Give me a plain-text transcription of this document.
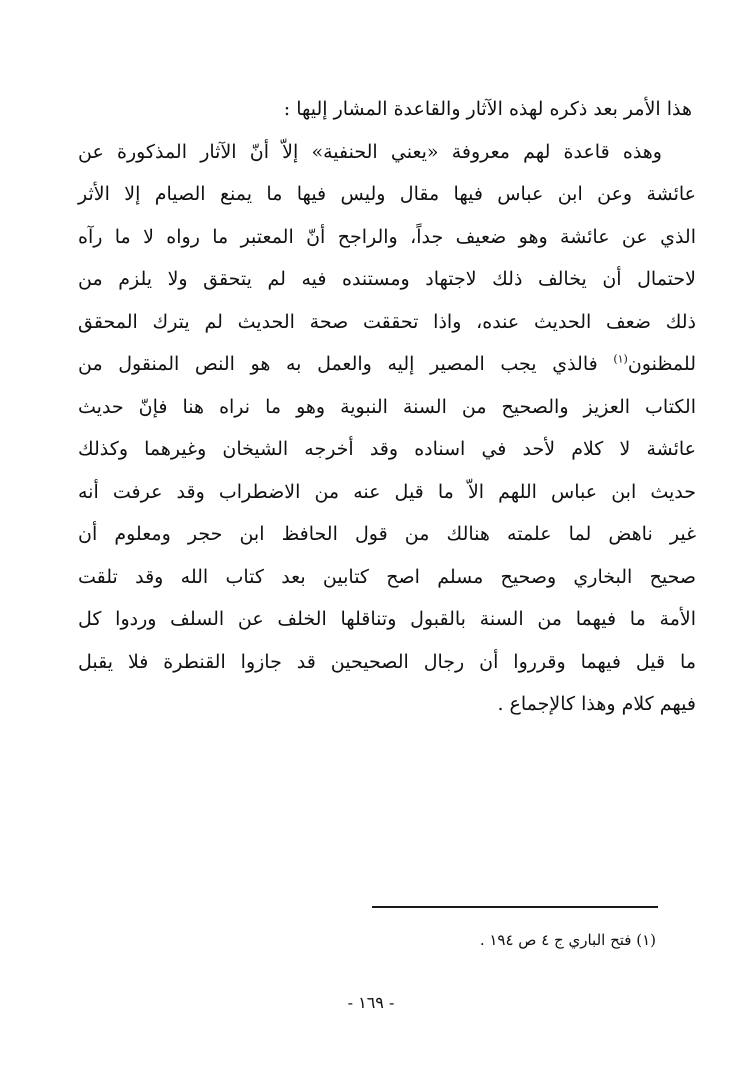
هذا الأمر بعد ذكره لهذه الآثار والقاعدة المشار إليها :
وهذه قاعدة لهم معروفة «يعني الحنفية» إلاّ أنّ الآثار المذكورة عن
عائشة وعن ابن عباس فيها مقال وليس فيها ما يمنع الصيام إلا الأثر
الذي عن عائشة وهو ضعيف جداً، والراجح أنّ المعتبر ما رواه لا ما رآه
لاحتمال أن يخالف ذلك لاجتهاد ومستنده فيه لم يتحقق ولا يلزم من
ذلك ضعف الحديث عنده، واذا تحققت صحة الحديث لم يترك المحقق
للمظنون$^{(١)}$ فالذي يجب المصير إليه والعمل به هو النص المنقول من
الكتاب العزيز والصحيح من السنة النبوية وهو ما نراه هنا فإنّ حديث
عائشة لا كلام لأحد في اسناده وقد أخرجه الشيخان وغيرهما وكذلك
حديث ابن عباس اللهم الاّ ما قيل عنه من الاضطراب وقد عرفت أنه
غير ناهض لما علمته هنالك من قول الحافظ ابن حجر ومعلوم أن
صحيح البخاري وصحيح مسلم اصح كتابين بعد كتاب الله وقد تلقت
الأمة ما فيهما من السنة بالقبول وتناقلها الخلف عن السلف وردوا كل
ما قيل فيهما وقرروا أن رجال الصحيحين قد جازوا القنطرة فلا يقبل
فيهم كلام وهذا كالإجماع .
(١) فتح الباري ج ٤ ص ١٩٤ .
- ١٦٩ -
